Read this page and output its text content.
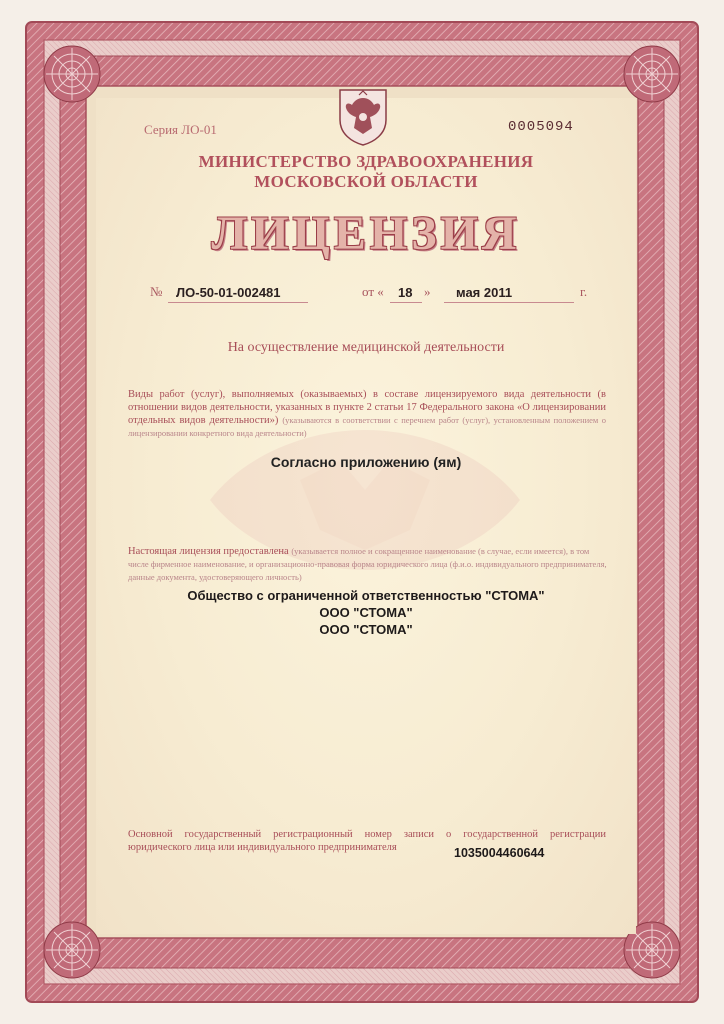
Серия ЛО-01	0005094
МИНИСТЕРСТВО ЗДРАВООХРАНЕНИЯ
МОСКОВСКОЙ ОБЛАСТИ
ЛИЦЕНЗИЯ
№ ЛО-50-01-002481	от « 18 » мая 2011	г.
На осуществление медицинской деятельности
Виды работ (услуг), выполняемых (оказываемых) в составе лицензируемого вида деятельности (в отношении видов деятельности, указанных в пункте 2 статьи 17 Федерального закона «О лицензировании отдельных видов деятельности») (указываются в соответствии с перечнем работ (услуг), установленным положением о лицензировании конкретного вида деятельности)
Согласно приложению (ям)
Настоящая лицензия предоставлена (указывается полное и сокращенное наименование (в случае, если имеется), в том числе фирменное наименование, и организационно-правовая форма юридического лица (ф.и.о. индивидуального предпринимателя, данные документа, удостоверяющего личность)
Общество с ограниченной ответственностью "СТОМА"
ООО "СТОМА"
ООО "СТОМА"
Основной государственный регистрационный номер записи о государственной регистрации юридического лица или индивидуального предпринимателя	1035004460644
